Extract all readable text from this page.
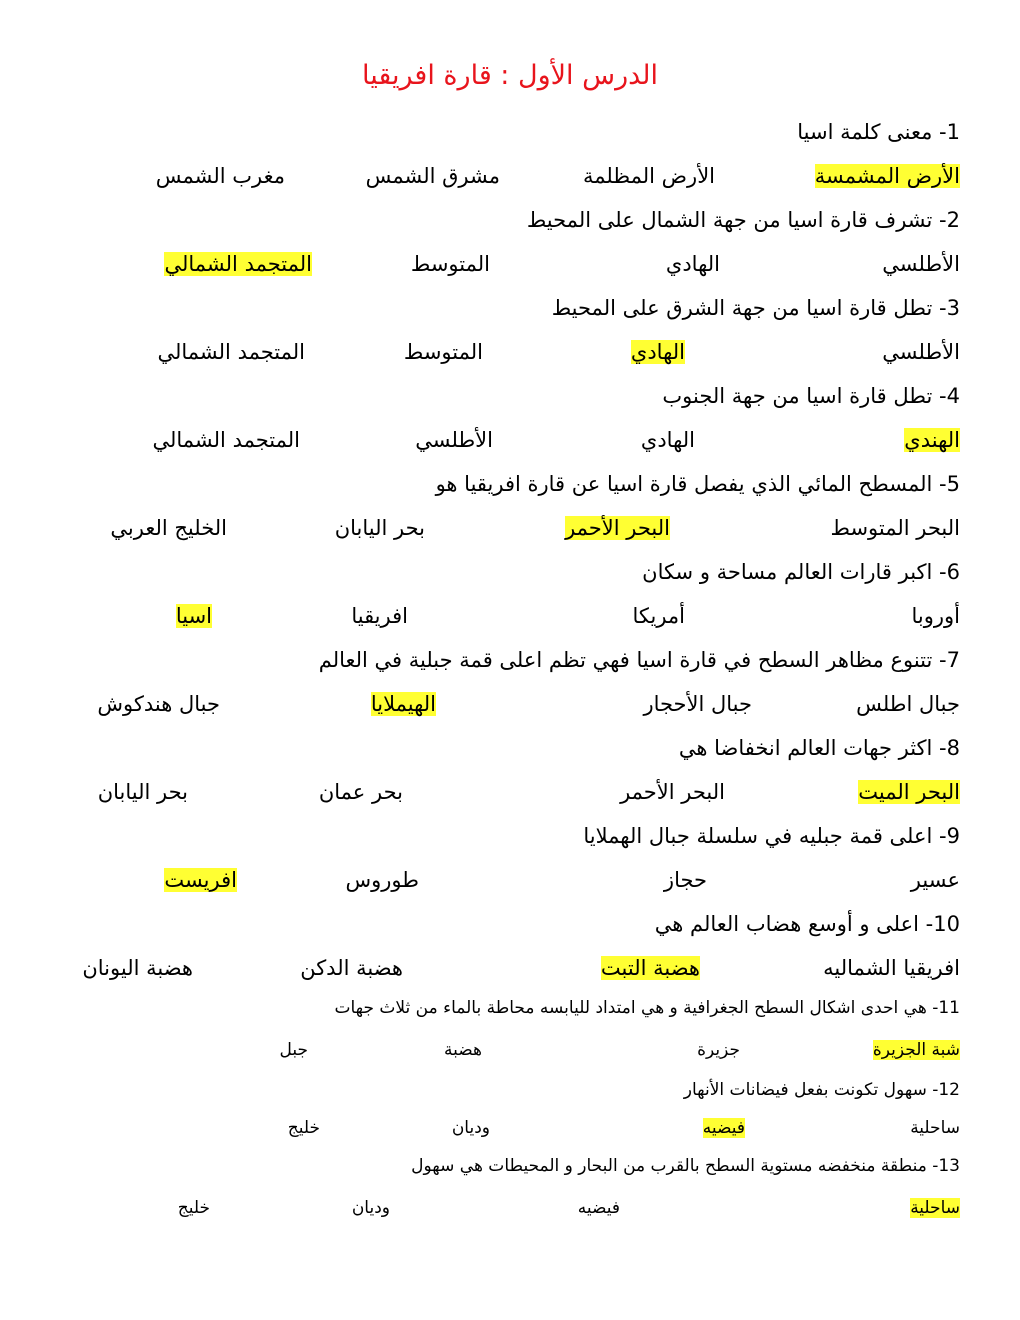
الدرس الأول : قارة افريقيا
1- معنى كلمة اسيا
الأرض المشمسة
الأرض المظلمة
مشرق الشمس
مغرب الشمس
2- تشرف قارة اسيا من جهة الشمال على المحيط
الأطلسي
الهادي
المتوسط
المتجمد الشمالي
3- تطل قارة اسيا من جهة الشرق على المحيط
الأطلسي
الهادي
المتوسط
المتجمد الشمالي
4- تطل قارة اسيا من جهة الجنوب
الهندي
الهادي
الأطلسي
المتجمد الشمالي
5- المسطح المائي الذي يفصل قارة اسيا عن قارة افريقيا هو
البحر المتوسط
البحر الأحمر
بحر اليابان
الخليج العربي
6- اكبر قارات العالم مساحة و سكان
أوروبا
أمريكا
افريقيا
اسيا
7- تتنوع مظاهر السطح في قارة اسيا فهي تظم اعلى قمة جبلية في العالم
جبال اطلس
جبال الأحجار
الهيملايا
جبال هندكوش
8- اكثر جهات العالم انخفاضا هي
البحر الميت
البحر الأحمر
بحر عمان
بحر اليابان
9- اعلى قمة جبليه في سلسلة جبال الهملايا
عسير
حجاز
طوروس
افريست
10- اعلى و أوسع هضاب العالم هي
افريقيا الشماليه
هضبة التبت
هضبة الدكن
هضبة اليونان
11- هي احدى اشكال السطح الجغرافية و هي امتداد لليابسه محاطة بالماء من ثلاث جهات
شبة الجزيرة
جزيرة
هضبة
جبل
12- سهول تكونت بفعل فيضانات الأنهار
ساحلية
فيضيه
وديان
خليج
13- منطقة منخفضه مستوية السطح بالقرب من البحار و المحيطات هي سهول
ساحلية
فيضيه
وديان
خليج
